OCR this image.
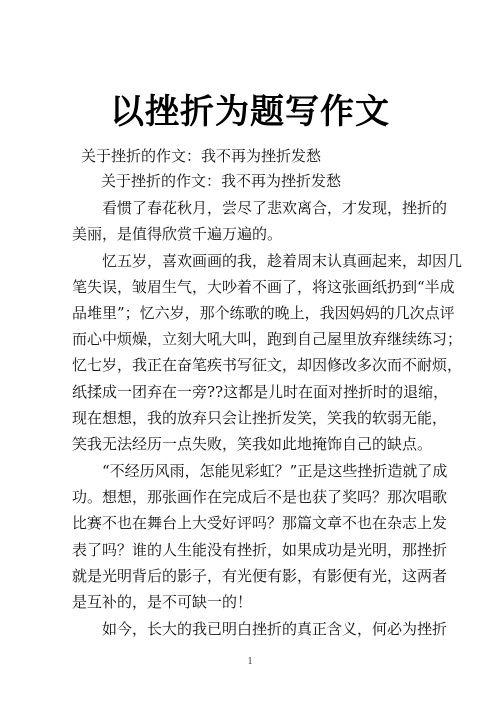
以挫折为题写作文
关于挫折的作文：我不再为挫折发愁
关于挫折的作文：我不再为挫折发愁
看惯了春花秋月，尝尽了悲欢离合，才发现，挫折的
美丽，是值得欣赏千遍万遍的。
忆五岁，喜欢画画的我，趁着周末认真画起来，却因几
笔失误，皱眉生气，大吵着不画了，将这张画纸扔到“半成
品堆里”；忆六岁，那个练歌的晚上，我因妈妈的几次点评
而心中烦燥，立刻大吼大叫，跑到自己屋里放弃继续练习；
忆七岁，我正在奋笔疾书写征文，却因修改多次而不耐烦，
纸揉成一团弃在一旁??这都是儿时在面对挫折时的退缩，
现在想想，我的放弃只会让挫折发笑，笑我的软弱无能，
笑我无法经历一点失败，笑我如此地掩饰自己的缺点。
“不经历风雨，怎能见彩虹？”正是这些挫折造就了成
功。想想，那张画作在完成后不是也获了奖吗？那次唱歌
比赛不也在舞台上大受好评吗？那篇文章不也在杂志上发
表了吗？谁的人生能没有挫折，如果成功是光明，那挫折
就是光明背后的影子，有光便有影，有影便有光，这两者
是互补的，是不可缺一的！
如今，长大的我已明白挫折的真正含义，何必为挫折
1
